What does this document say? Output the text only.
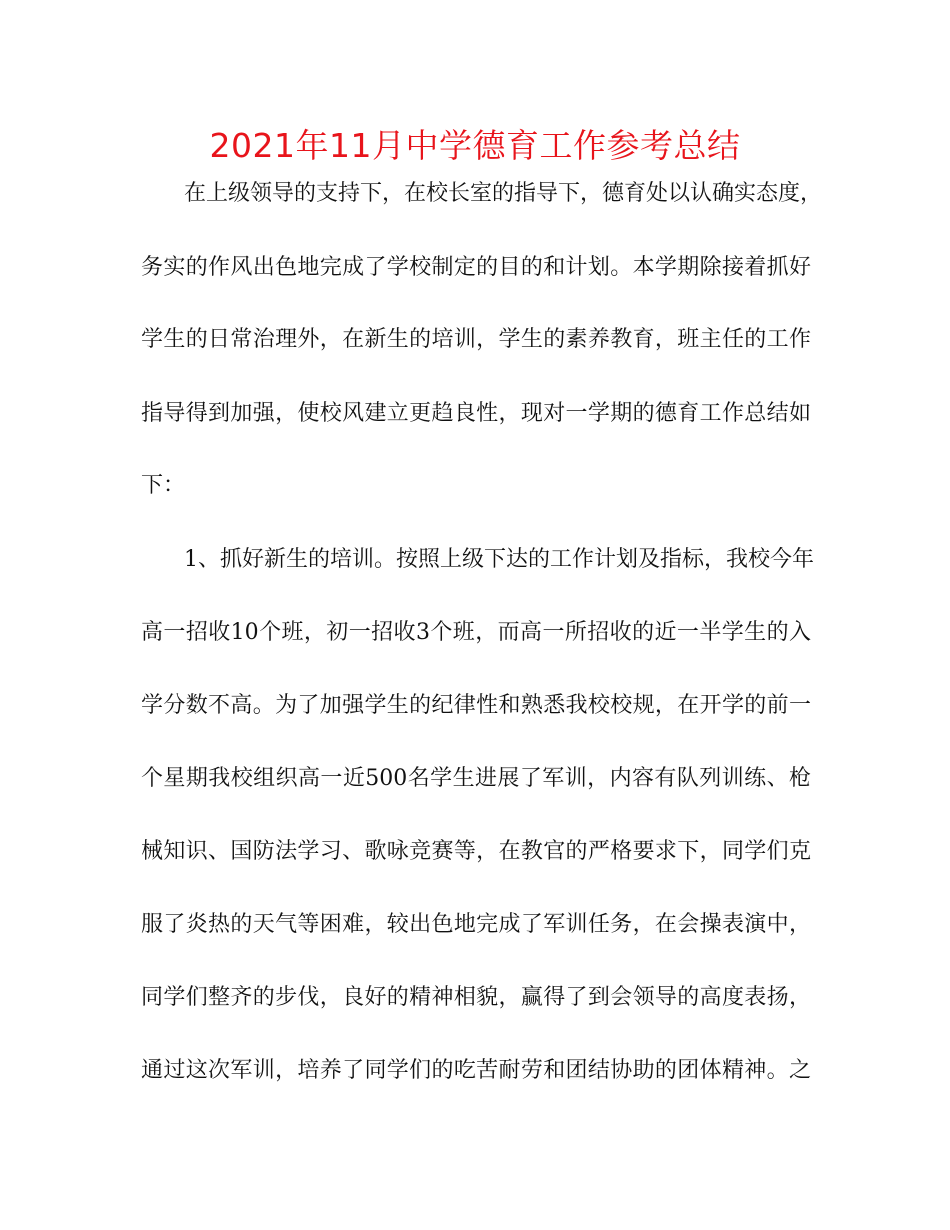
2021年11月中学德育工作参考总结
在上级领导的支持下，在校长室的指导下，德育处以认确实态度，
务实的作风出色地完成了学校制定的目的和计划。本学期除接着抓好
学生的日常治理外，在新生的培训，学生的素养教育，班主任的工作
指导得到加强，使校风建立更趋良性，现对一学期的德育工作总结如
下：
1、抓好新生的培训。按照上级下达的工作计划及指标，我校今年
高一招收10个班，初一招收3个班，而高一所招收的近一半学生的入
学分数不高。为了加强学生的纪律性和熟悉我校校规，在开学的前一
个星期我校组织高一近500名学生进展了军训，内容有队列训练、枪
械知识、国防法学习、歌咏竞赛等，在教官的严格要求下，同学们克
服了炎热的天气等困难，较出色地完成了军训任务，在会操表演中，
同学们整齐的步伐，良好的精神相貌，赢得了到会领导的高度表扬，
通过这次军训，培养了同学们的吃苦耐劳和团结协助的团体精神。之
